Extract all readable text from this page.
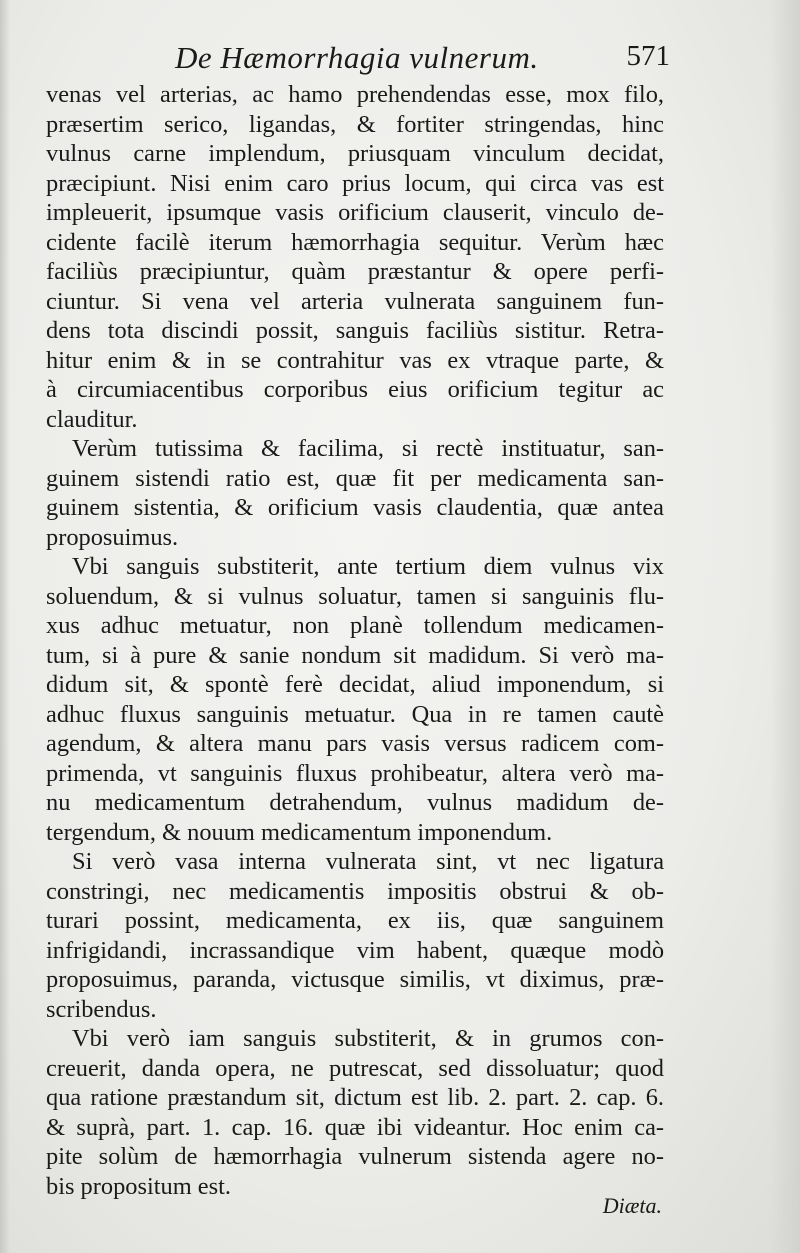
De Hæmorrhagia vulnerum.	571
venas vel arterias, ac hamo prehendendas esse, mox filo,
præsertim serico, ligandas, & fortiter stringendas, hinc
vulnus carne implendum, priusquam vinculum decidat,
præcipiunt. Nisi enim caro prius locum, qui circa vas est
impleuerit, ipsumque vasis orificium clauserit, vinculo de-
cidente facilè iterum hæmorrhagia sequitur. Verùm hæc
faciliùs præcipiuntur, quàm præstantur & opere perfi-
ciuntur. Si vena vel arteria vulnerata sanguinem fun-
dens tota discindi possit, sanguis faciliùs sistitur. Retra-
hitur enim & in se contrahitur vas ex vtraque parte, &
à circumiacentibus corporibus eius orificium tegitur ac
clauditur.
Verùm tutissima & facilima, si rectè instituatur, san-
guinem sistendi ratio est, quæ fit per medicamenta san-
guinem sistentia, & orificium vasis claudentia, quæ antea
proposuimus.
Vbi sanguis substiterit, ante tertium diem vulnus vix
soluendum, & si vulnus soluatur, tamen si sanguinis flu-
xus adhuc metuatur, non planè tollendum medicamen-
tum, si à pure & sanie nondum sit madidum. Si verò ma-
didum sit, & spontè ferè decidat, aliud imponendum, si
adhuc fluxus sanguinis metuatur. Qua in re tamen cautè
agendum, & altera manu pars vasis versus radicem com-
primenda, vt sanguinis fluxus prohibeatur, altera verò ma-
nu medicamentum detrahendum, vulnus madidum de-
tergendum, & nouum medicamentum imponendum.
Si verò vasa interna vulnerata sint, vt nec ligatura
constringi, nec medicamentis impositis obstrui & ob-
turari possint, medicamenta, ex iis, quæ sanguinem
infrigidandi, incrassandique vim habent, quæque modò
proposuimus, paranda, victusque similis, vt diximus, præ-
scribendus.
Vbi verò iam sanguis substiterit, & in grumos con-
creuerit, danda opera, ne putrescat, sed dissoluatur; quod
qua ratione præstandum sit, dictum est lib. 2. part. 2. cap. 6.
& suprà, part. 1. cap. 16. quæ ibi videantur. Hoc enim ca-
pite solùm de hæmorrhagia vulnerum sistenda agere no-
bis propositum est.
Diæta.
